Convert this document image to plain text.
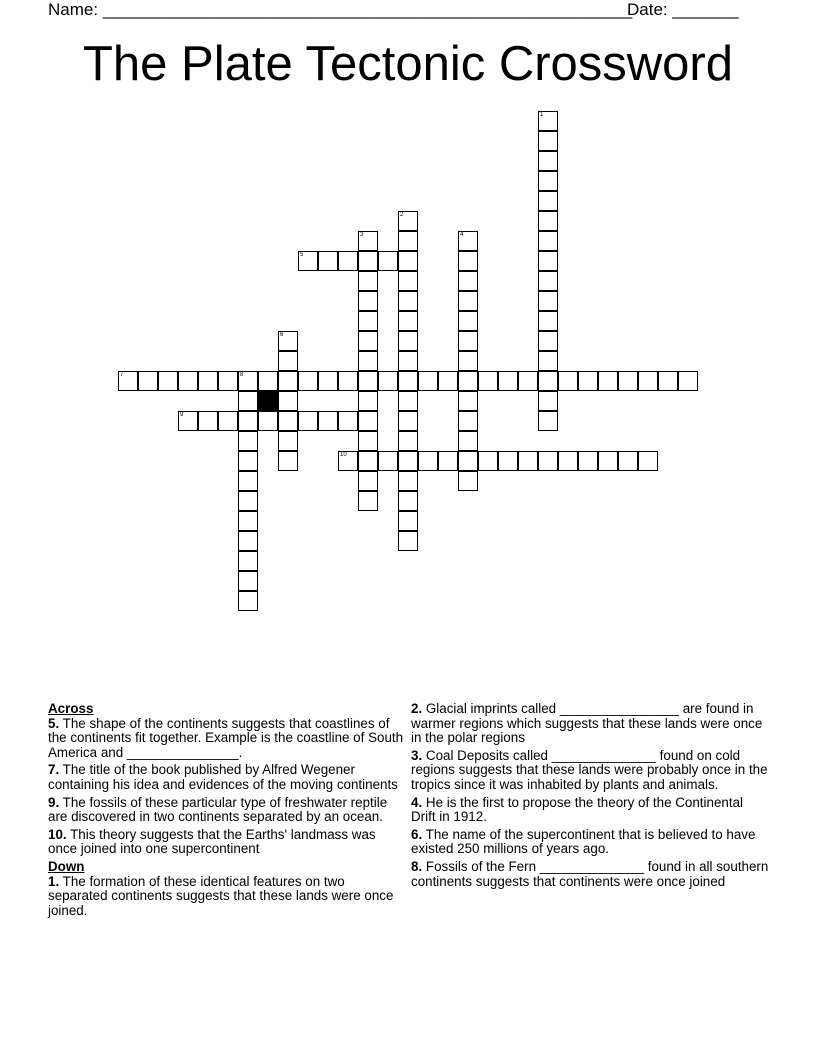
Name: ________________________________________________________
Date: _______
The Plate Tectonic Crossword
1
2
3	4
5
6
7	8
9
10
Across
5. The shape of the continents suggests that coastlines of the continents fit together. Example is the coastline of South America and _______________.
7. The title of the book published by Alfred Wegener containing his idea and evidences of the moving continents
9. The fossils of these particular type of freshwater reptile are discovered in two continents separated by an ocean.
10. This theory suggests that the Earths' landmass was once joined into one supercontinent
Down
1. The formation of these identical features on two separated continents suggests that these lands were once joined.
2. Glacial imprints called ________________ are found in warmer regions which suggests that these lands were once in the polar regions
3. Coal Deposits called ______________ found on cold regions suggests that these lands were probably once in the tropics since it was inhabited by plants and animals.
4. He is the first to propose the theory of the Continental Drift in 1912.
6. The name of the supercontinent that is believed to have existed 250 millions of years ago.
8. Fossils of the Fern ______________ found in all southern continents suggests that continents were once joined
